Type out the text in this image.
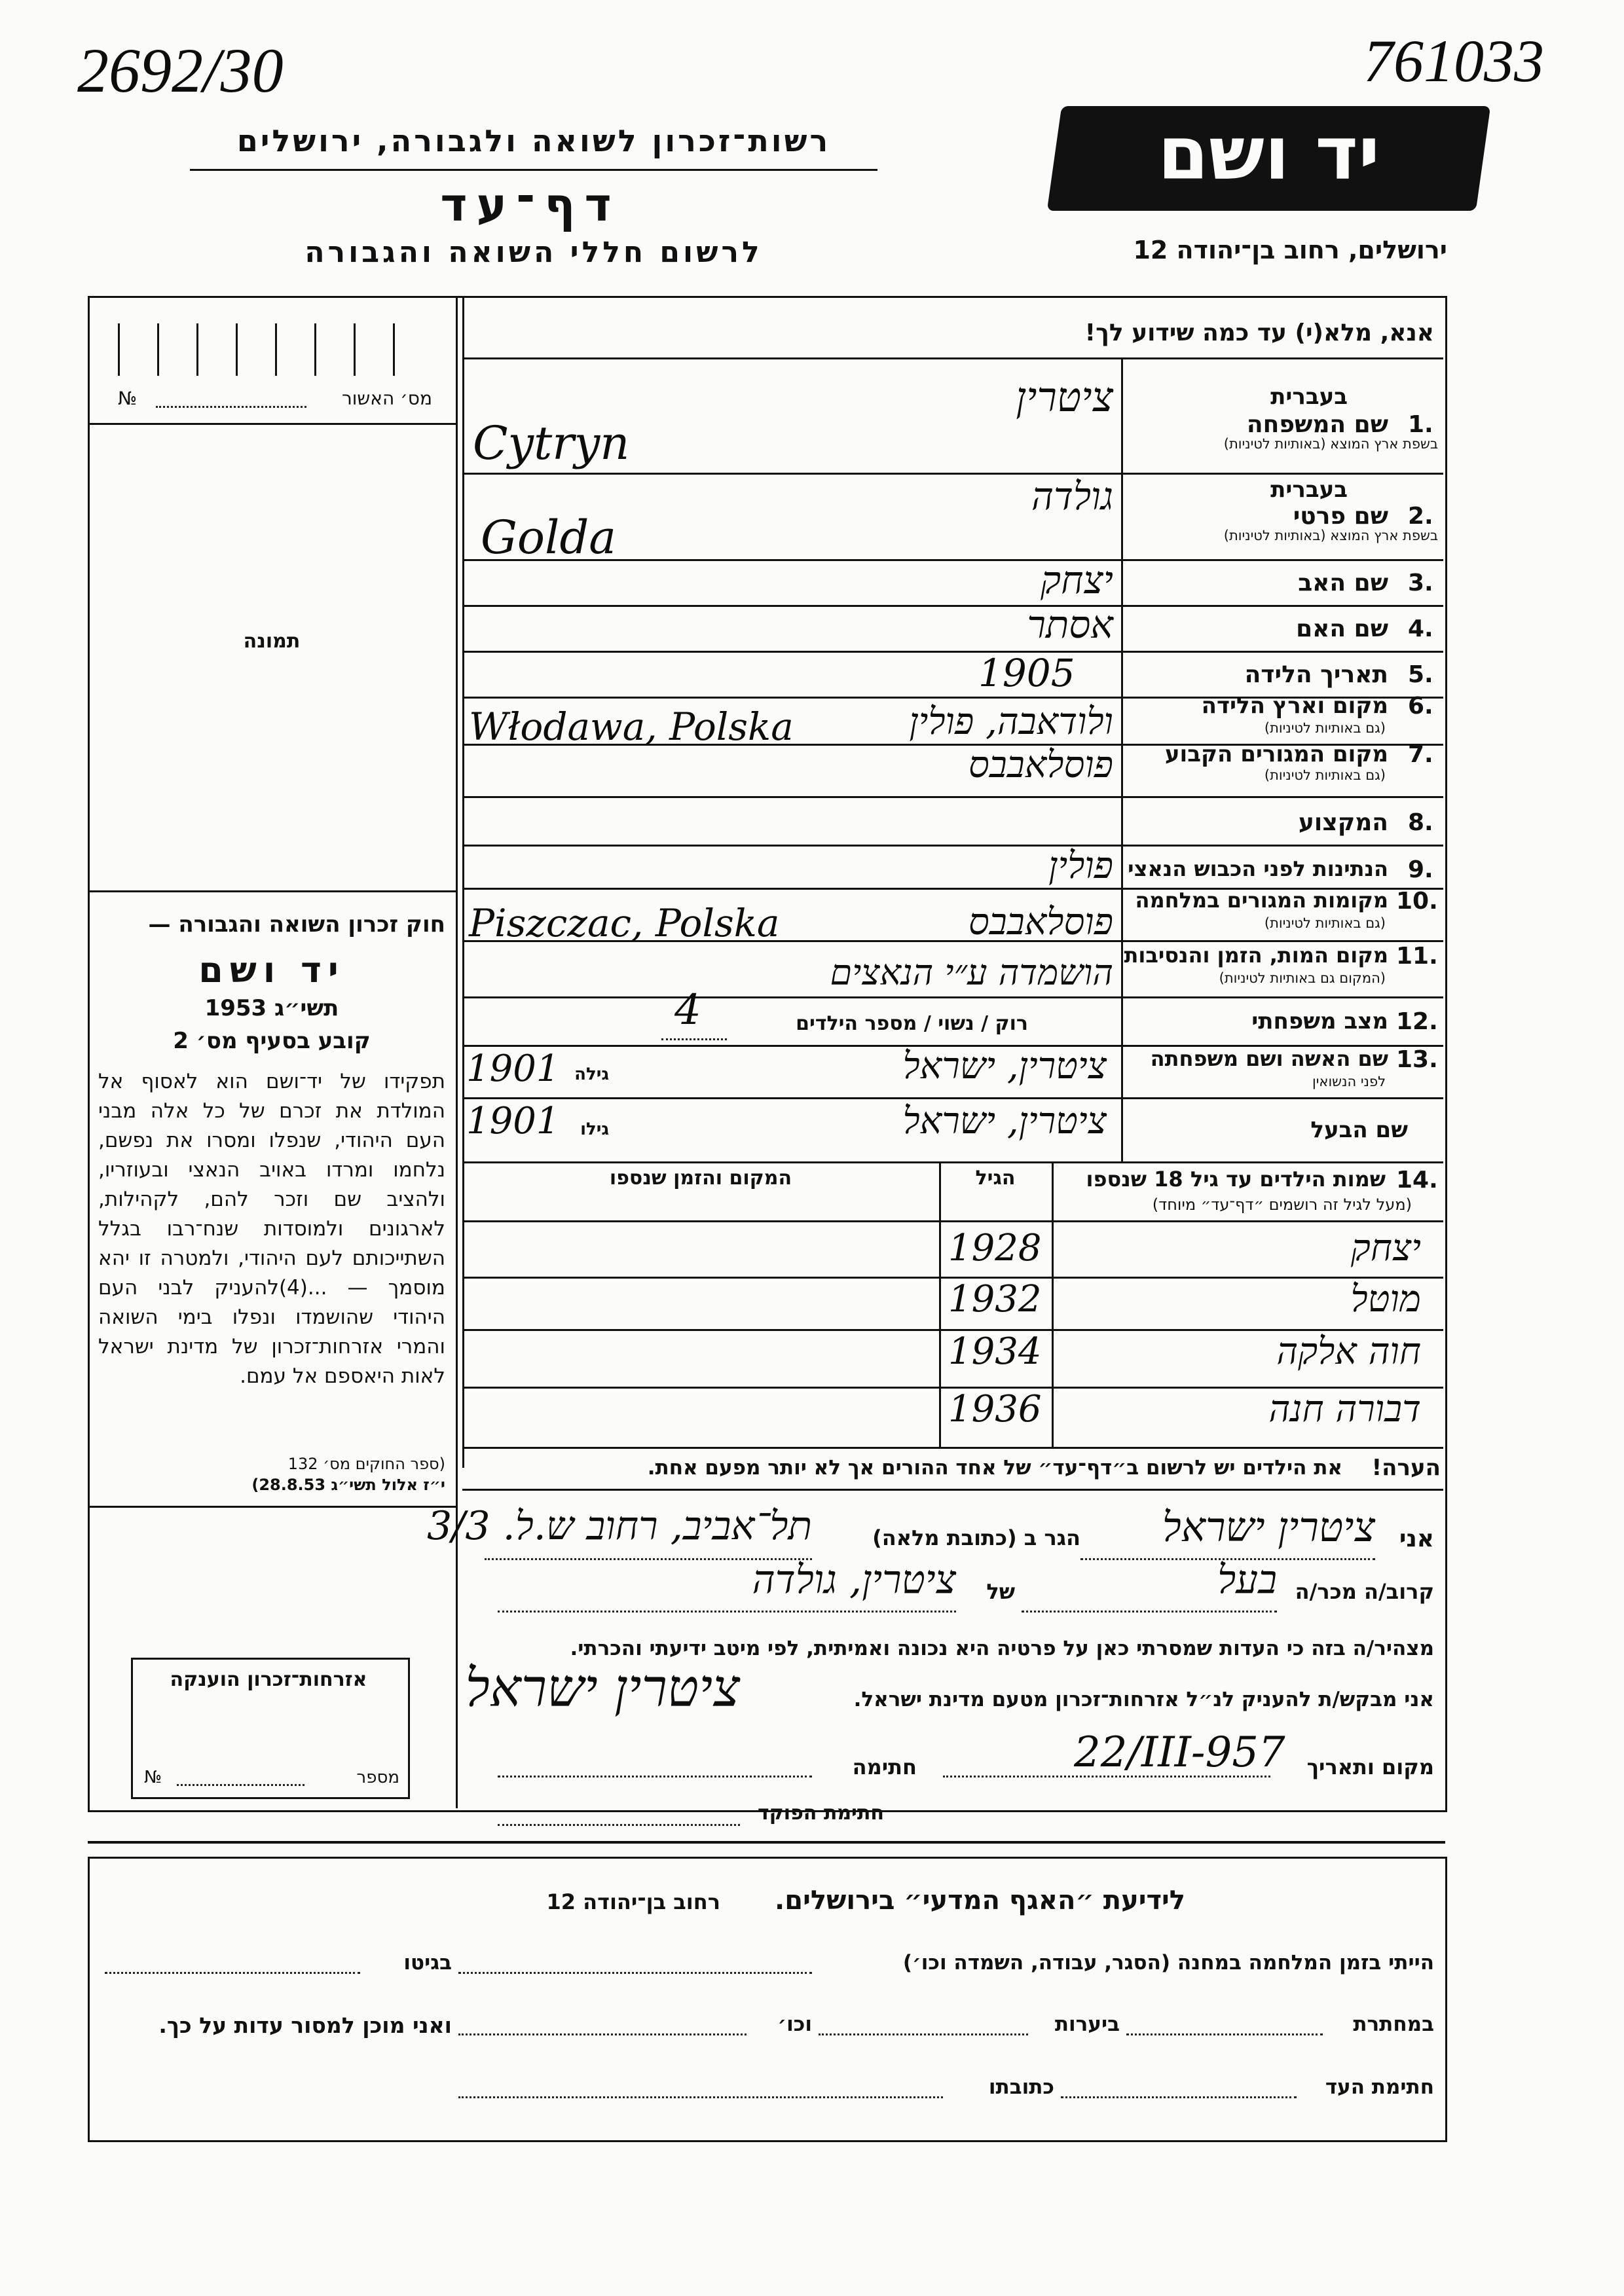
2692/30	761033
רשות־זכרון לשואה ולגבורה, ירושלים
דף־עד
לרשום חללי השואה והגבורה
יד ושם
ירושלים, רחוב בן־יהודה 12
אנא, מלא(י) עד כמה שידוע לך!
מס׳ האשור
№
תמונה
חוק זכרון השואה והגבורה —
יד ושם
תשי״ג 1953
קובע בסעיף מס׳ 2
תפקידו של יד־ושם הוא לאסוף אל המולדת את זכרם של כל אלה מבני העם היהודי, שנפלו ומסרו את נפשם, נלחמו ומרדו באויב הנאצי ובעוזריו, ולהציב שם וזכר להם, לקהילות, לארגונים ולמוסדות שנח־רבו בגלל השתייכותם לעם היהודי, ולמטרה זו יהא מוסמך — ...(4)להעניק לבני העם היהודי שהושמדו ונפלו בימי השואה והמרי אזרחות־זכרון של מדינת ישראל לאות היאספם אל עמם.
(ספר החוקים מס׳ 132
י״ז אלול תשי״ג 28.8.53)
אזרחות־זכרון הוענקה
מספר
№
בעברית
שם המשפחה 1.
בשפת ארץ המוצא (באותיות לטיניות)
ציטרין
Cytryn
בעברית
שם פרטי 2.
בשפת ארץ המוצא (באותיות לטיניות)
גולדה
Golda
שם האב 3.
יצחק
שם האם 4.
אסתר
תאריך הלידה 5.
1905
מקום וארץ הלידה 6.
(גם באותיות לטיניות)
ולודאבה, פולין
Włodawa, Polska
מקום המגורים הקבוע 7.
(גם באותיות לטיניות)
פוסלאבבס
המקצוע 8.
הנתינות לפני הכבוש הנאצי 9.
פולין
מקומות המגורים במלחמה 10.
(גם באותיות לטיניות)
פוסלאבבס
Piszczac, Polska
מקום המות, הזמן והנסיבות 11.
(המקום גם באותיות לטיניות)
הושמדה ע״י הנאצים
מצב משפחתי 12.
רוק / נשוי / מספר הילדים
4
שם האשה ושם משפחתה 13.
לפני הנשואין
ציטרין, ישראל
גילה
1901
שם הבעל
ציטרין, ישראל
גילו
1901
שמות הילדים עד גיל 18 שנספו 14.
(מעל לגיל זה רושמים ״דף־עד״ מיוחד)
הגיל
המקום והזמן שנספו
יצחק
1928
מוטל
1932
חוה אלקה
1934
דבורה חנה
1936
הערה!
את הילדים יש לרשום ב״דף־עד״ של אחד ההורים אך לא יותר מפעם אחת.
אני
ציטרין ישראל
הגר ב (כתובת מלאה)
תל־אביב, רחוב ש.ל. 3/3
קרוב/ה מכר/ה
בעל
של
ציטרין, גולדה
מצהיר/ה בזה כי העדות שמסרתי כאן על פרטיה היא נכונה ואמיתית, לפי מיטב ידיעתי והכרתי.
אני מבקש/ת להעניק לנ״ל אזרחות־זכרון מטעם מדינת ישראל.
ציטרין ישראל
מקום ותאריך
22/III-957
חתימה
חתימת הפוקד
לידיעת ״האגף המדעי״ בירושלים.
רחוב בן־יהודה 12
הייתי בזמן המלחמה במחנה (הסגר, עבודה, השמדה וכו׳)
בגיטו
במחתרת
ביערות
וכו׳
ואני מוכן למסור עדות על כך.
חתימת העד
כתובתו
